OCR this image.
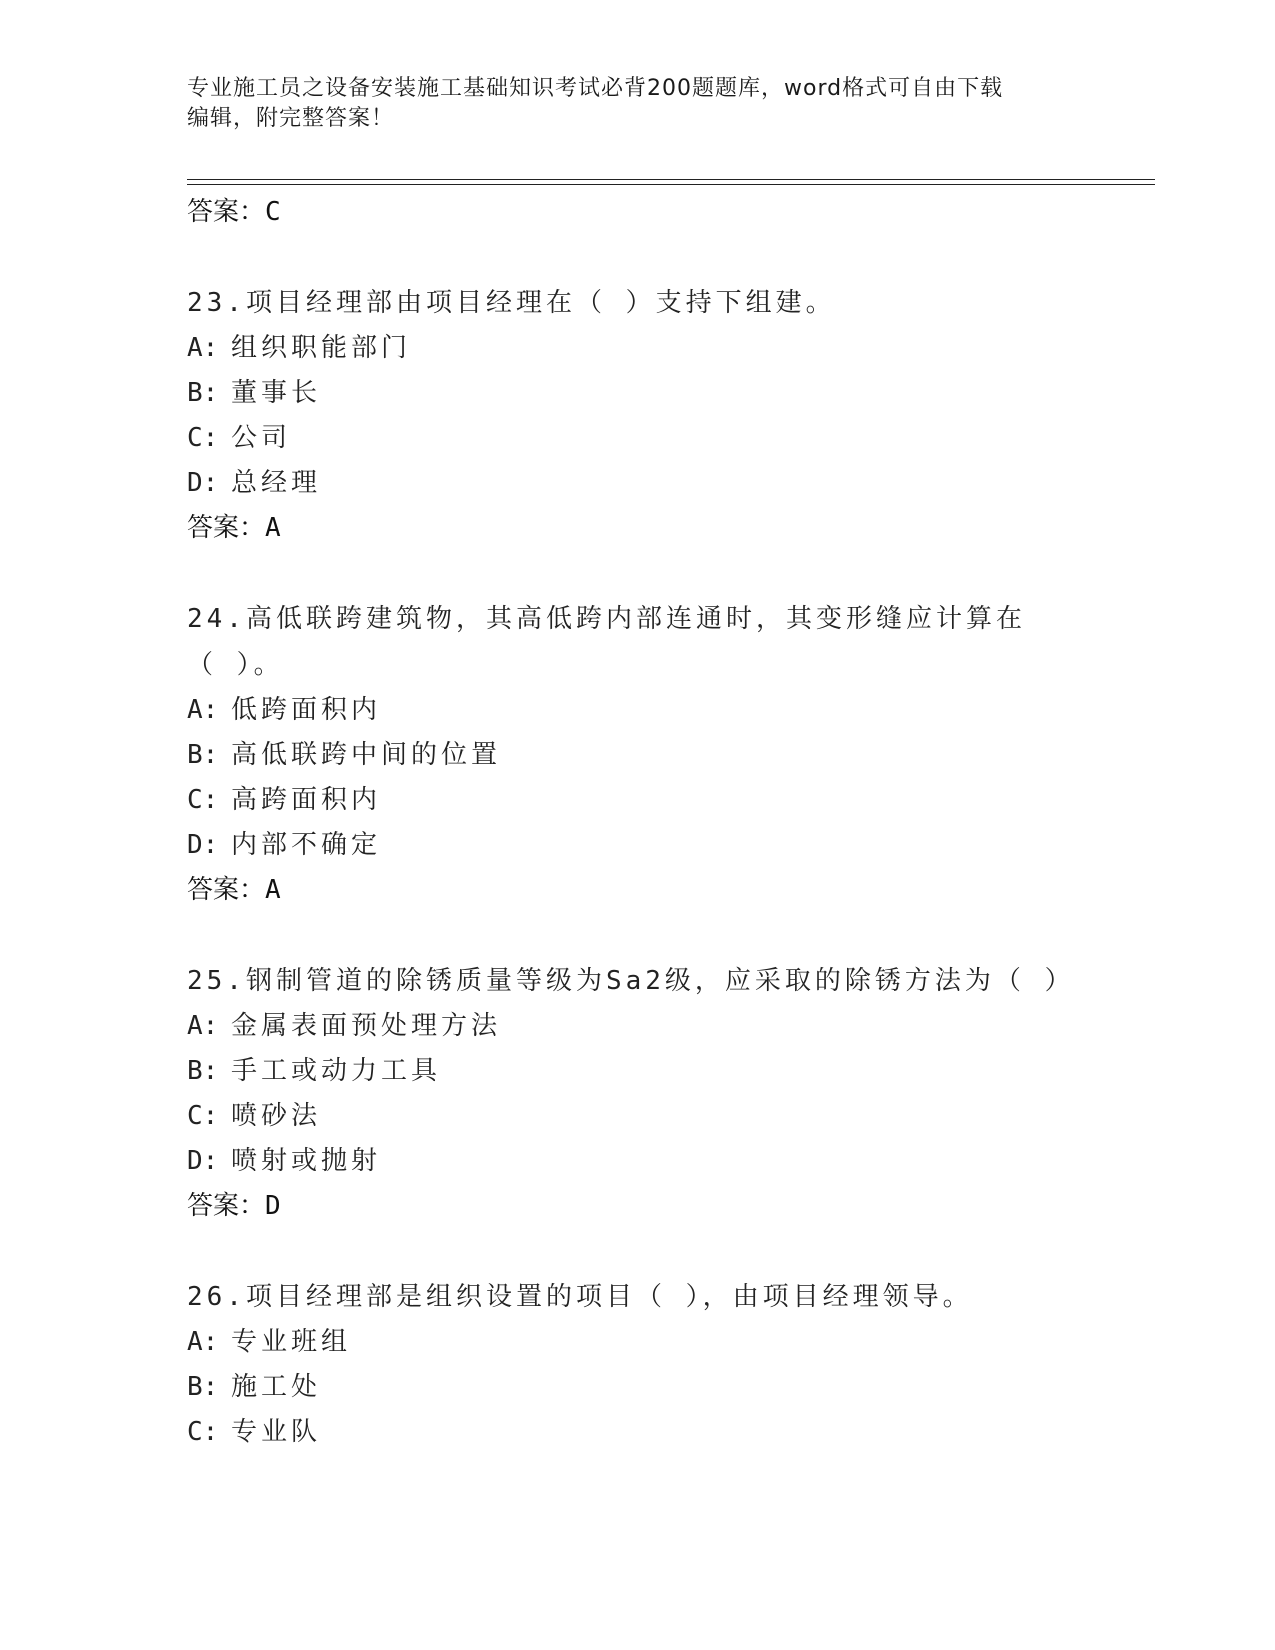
专业施工员之设备安装施工基础知识考试必背200题题库，word格式可自由下载
编辑，附完整答案！
答案：C
23.项目经理部由项目经理在（ ）支持下组建。
A: 组织职能部门
B: 董事长
C: 公司
D: 总经理
答案：A
24.高低联跨建筑物，其高低跨内部连通时，其变形缝应计算在（ ）。
A: 低跨面积内
B: 高低联跨中间的位置
C: 高跨面积内
D: 内部不确定
答案：A
25.钢制管道的除锈质量等级为Sa2级，应采取的除锈方法为（ ）
A: 金属表面预处理方法
B: 手工或动力工具
C: 喷砂法
D: 喷射或抛射
答案：D
26.项目经理部是组织设置的项目（ ），由项目经理领导。
A: 专业班组
B: 施工处
C: 专业队
